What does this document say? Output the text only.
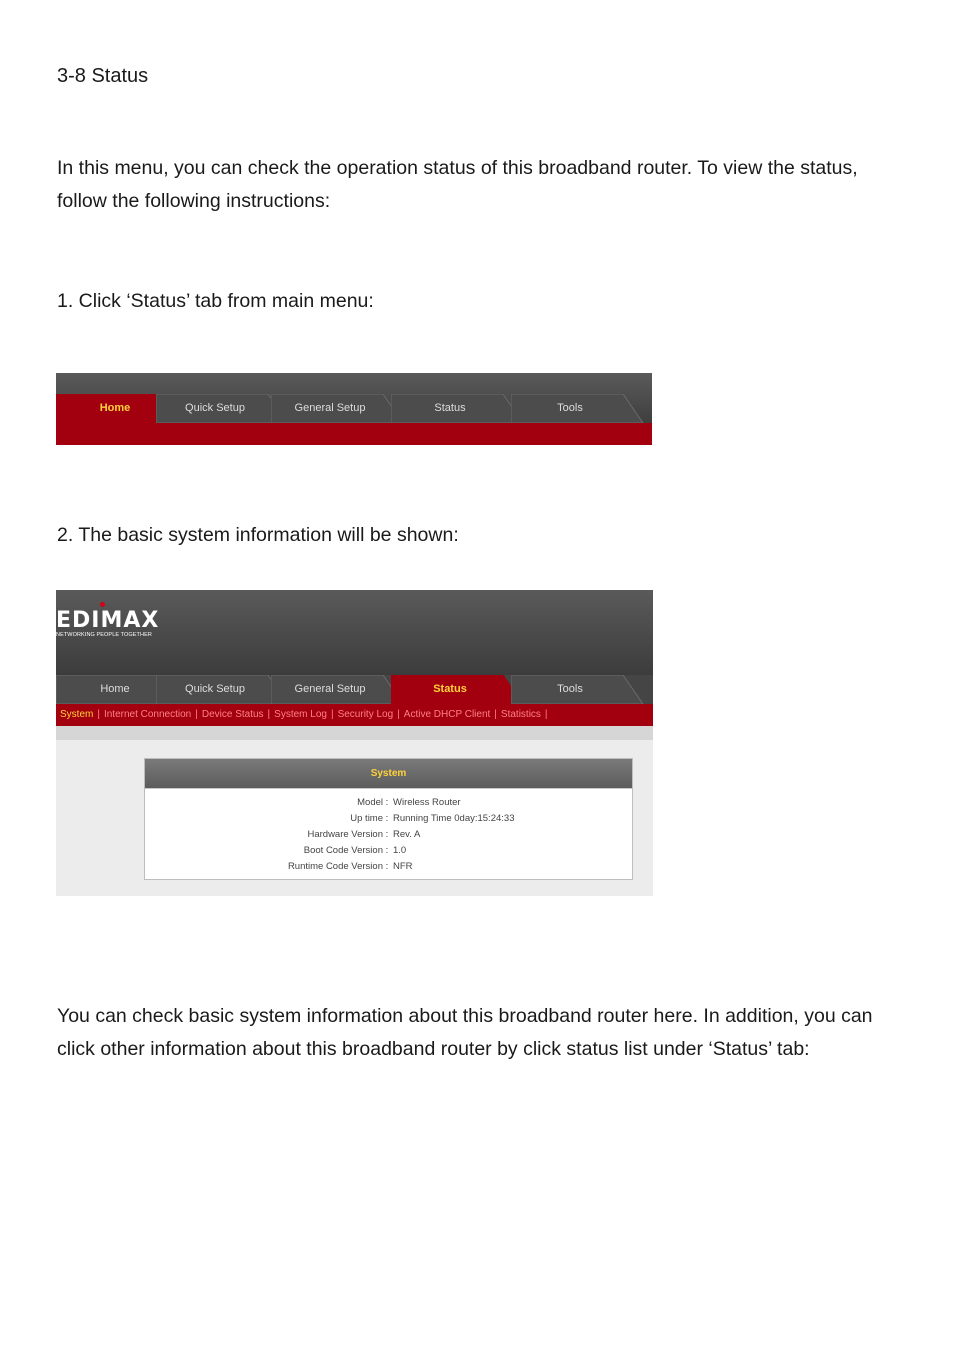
3-8 Status

In this menu, you can check the operation status of this broadband router. To view the status, follow the following instructions:

1. Click ‘Status’ tab from main menu:

Home	Quick Setup	General Setup	Status	Tools

2. The basic system information will be shown:

EDIMAX
NETWORKING PEOPLE TOGETHER
Home	Quick Setup	General Setup	Status	Tools
System | Internet Connection | Device Status | System Log | Security Log | Active DHCP Client | Statistics |
System
Model : Wireless Router
Up time : Running Time 0day:15:24:33
Hardware Version : Rev. A
Boot Code Version : 1.0
Runtime Code Version : NFR

You can check basic system information about this broadband router here. In addition, you can click other information about this broadband router by click status list under ‘Status’ tab:
